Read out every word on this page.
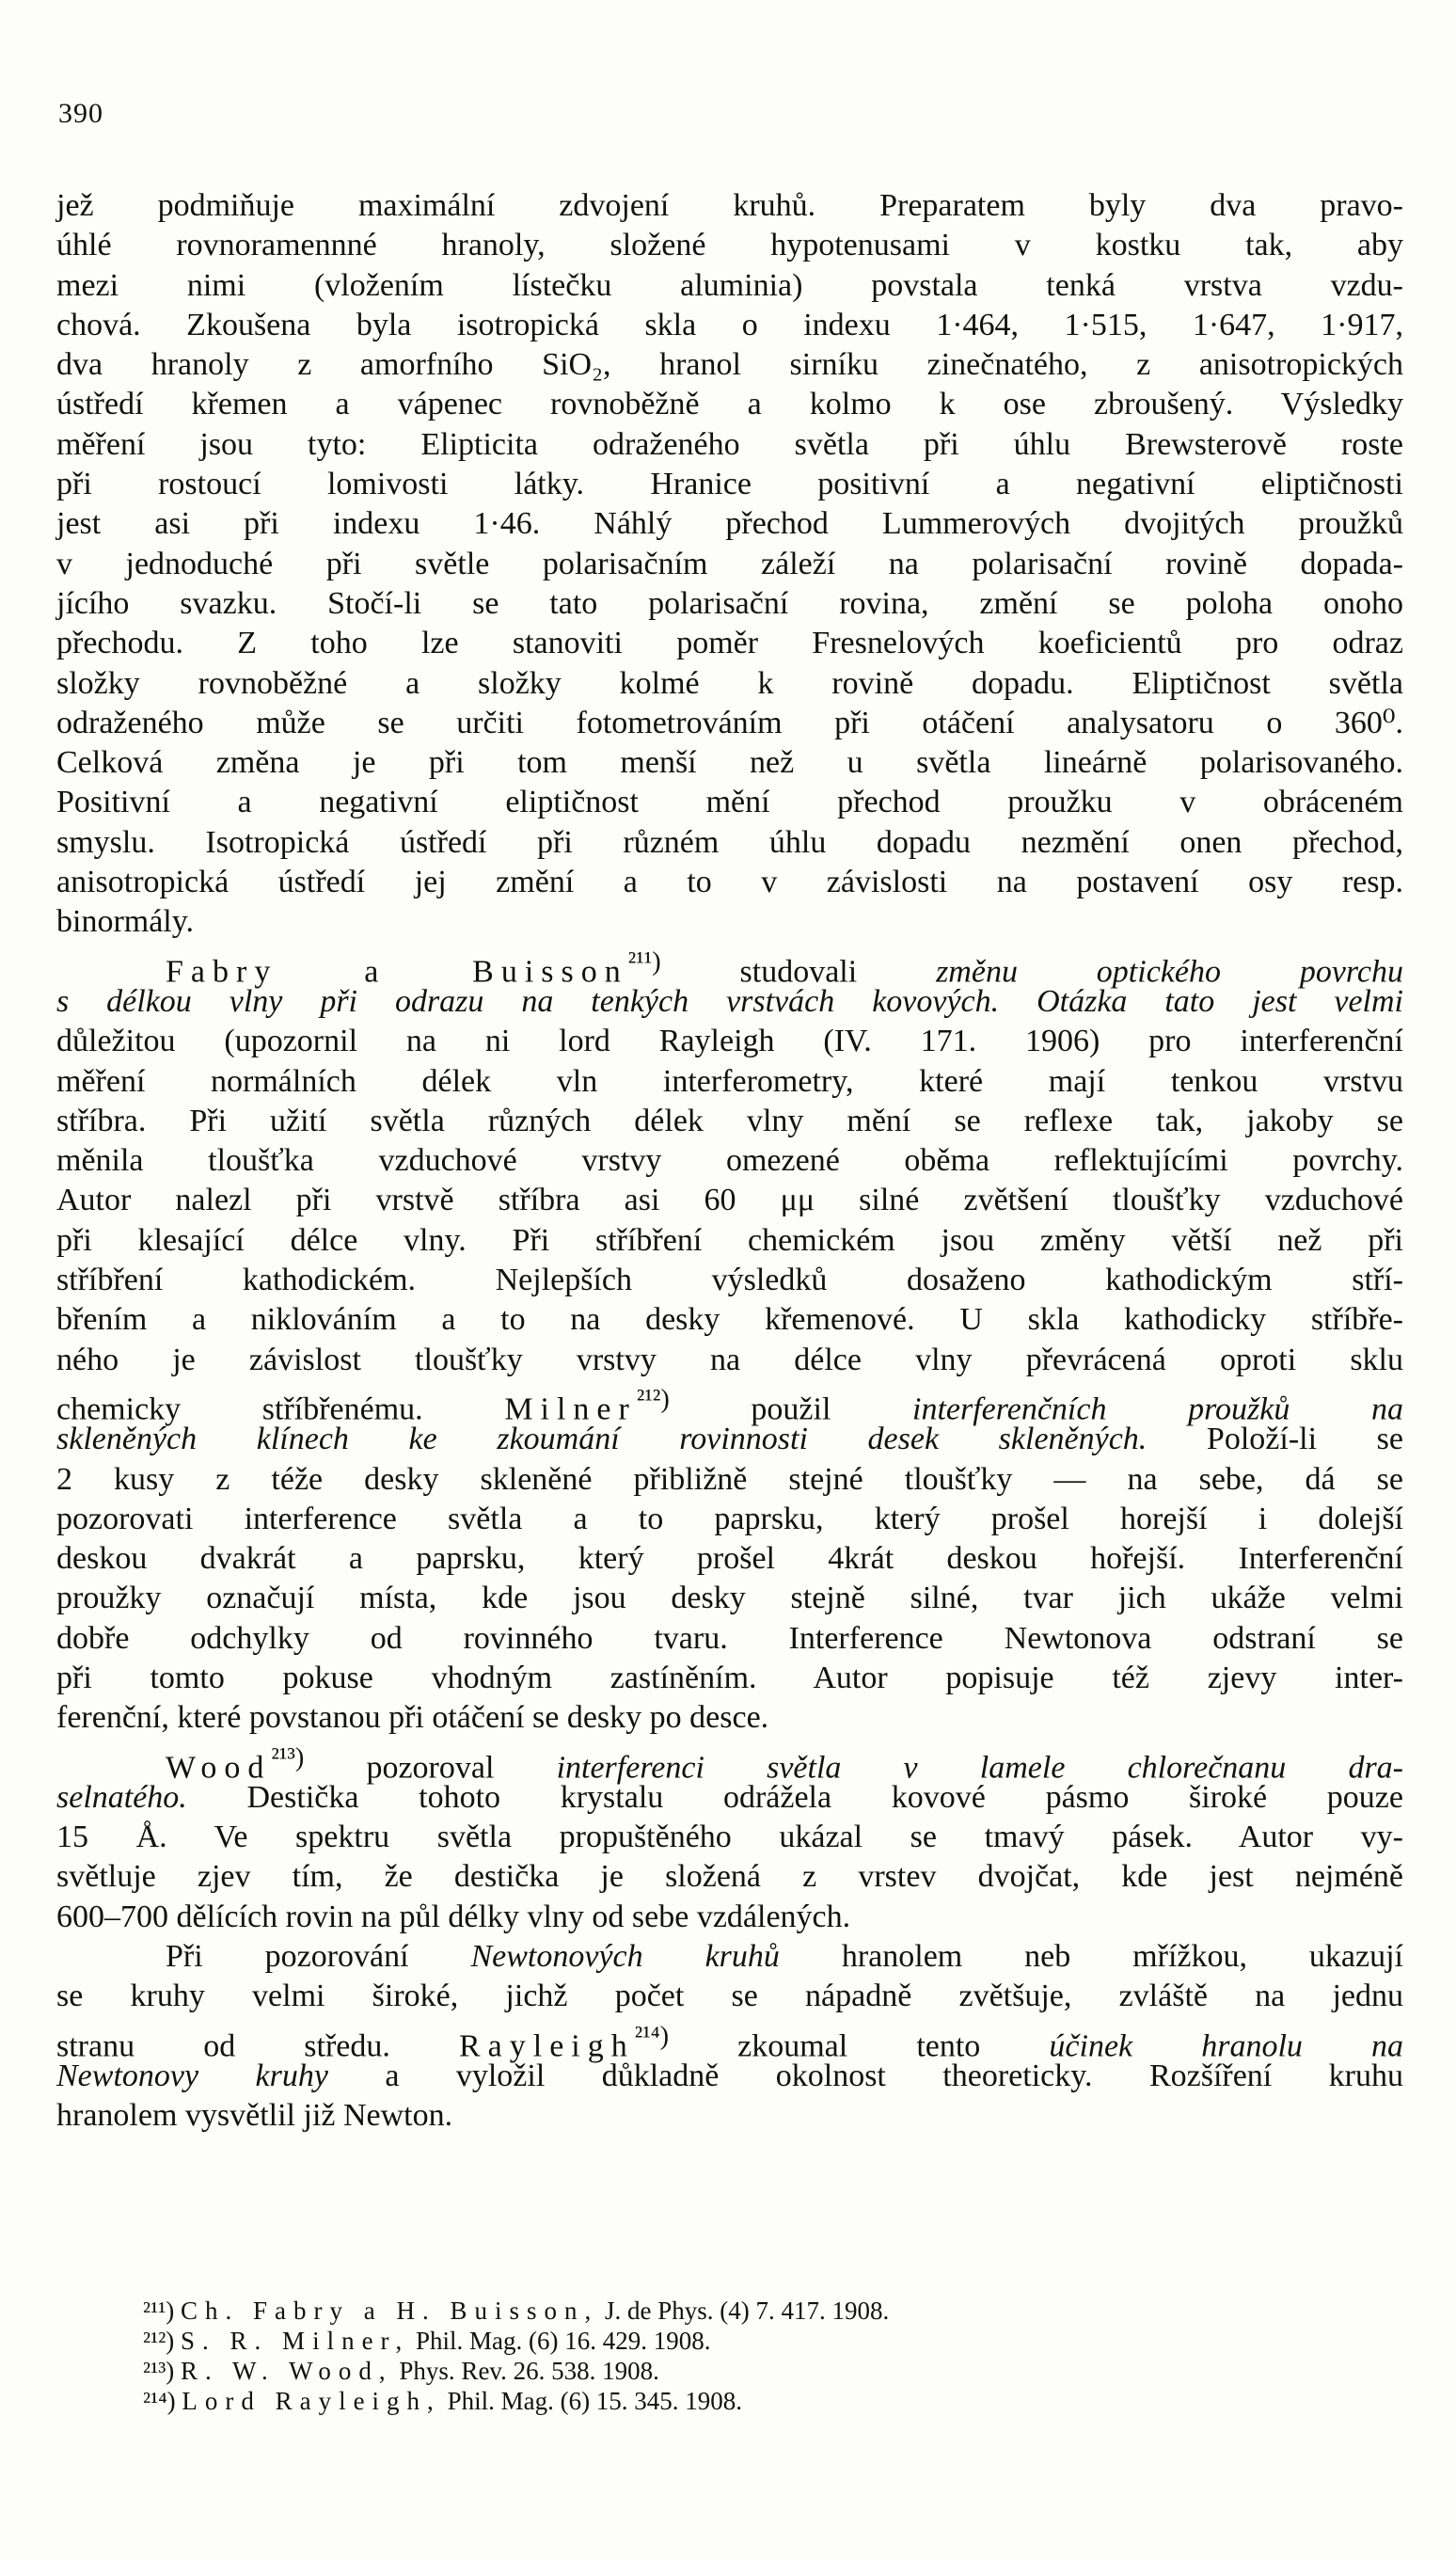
390
jež podmiňuje maximální zdvojení kruhů. Preparatem byly dva pravo-
úhlé rovnoramennné hranoly, složené hypotenusami v kostku tak, aby
mezi nimi (vložením lístečku aluminia) povstala tenká vrstva vzdu-
chová. Zkoušena byla isotropická skla o indexu 1·464, 1·515, 1·647, 1·917,
dva hranoly z amorfního SiO₂, hranol sirníku zinečnatého, z anisotropických
ústředí křemen a vápenec rovnoběžně a kolmo k ose zbroušený. Výsledky
měření jsou tyto: Elipticita odraženého světla při úhlu Brewsterově roste
při rostoucí lomivosti látky. Hranice positivní a negativní eliptičnosti
jest asi při indexu 1·46. Náhlý přechod Lummerových dvojitých proužků
v jednoduché při světle polarisačním záleží na polarisační rovině dopada-
jícího svazku. Stočí-li se tato polarisační rovina, změní se poloha onoho
přechodu. Z toho lze stanoviti poměr Fresnelových koeficientů pro odraz
složky rovnoběžné a složky kolmé k rovině dopadu. Eliptičnost světla
odraženého může se určiti fotometrováním při otáčení analysatoru o 360⁰.
Celková změna je při tom menší než u světla lineárně polarisovaného.
Positivní a negativní eliptičnost mění přechod proužku v obráceném
smyslu. Isotropická ústředí při různém úhlu dopadu nezmění onen přechod,
anisotropická ústředí jej změní a to v závislosti na postavení osy resp.
binormály.
Fabry a Buisson$^{^{211})}$ studovali změnu optického povrchu
s délkou vlny při odrazu na tenkých vrstvách kovových. Otázka tato jest velmi
důležitou (upozornil na ni lord Rayleigh (IV. 171. 1906) pro interferenční
měření normálních délek vln interferometry, které mají tenkou vrstvu
stříbra. Při užití světla různých délek vlny mění se reflexe tak, jakoby se
měnila tloušťka vzduchové vrstvy omezené oběma reflektujícími povrchy.
Autor nalezl při vrstvě stříbra asi 60 μμ silné zvětšení tloušťky vzduchové
při klesající délce vlny. Při stříbření chemickém jsou změny větší než při
stříbření kathodickém. Nejlepších výsledků dosaženo kathodickým stří-
břením a niklováním a to na desky křemenové. U skla kathodicky stříbře-
ného je závislost tloušťky vrstvy na délce vlny převrácená oproti sklu
chemicky stříbřenému. Milner$^{^{212})}$ použil interferenčních proužků na
skleněných klínech ke zkoumání rovinnosti desek skleněných. Položí-li se
2 kusy z téže desky skleněné přibližně stejné tloušťky — na sebe, dá se
pozorovati interference světla a to paprsku, který prošel horejší i dolejší
deskou dvakrát a paprsku, který prošel 4krát deskou hořejší. Interferenční
proužky označují místa, kde jsou desky stejně silné, tvar jich ukáže velmi
dobře odchylky od rovinného tvaru. Interference Newtonova odstraní se
při tomto pokuse vhodným zastíněním. Autor popisuje též zjevy inter-
ferenční, které povstanou při otáčení se desky po desce.
Wood$^{^{213})}$ pozoroval interferenci světla v lamele chlorečnanu dra-
selnatého. Destička tohoto krystalu odrážela kovové pásmo široké pouze
15 Å. Ve spektru světla propuštěného ukázal se tmavý pásek. Autor vy-
světluje zjev tím, že destička je složená z vrstev dvojčat, kde jest nejméně
600–700 dělících rovin na půl délky vlny od sebe vzdálených.
Při pozorování Newtonových kruhů hranolem neb mřížkou, ukazují
se kruhy velmi široké, jichž počet se nápadně zvětšuje, zvláště na jednu
stranu od středu. Rayleigh$^{^{214})}$ zkoumal tento účinek hranolu na
Newtonovy kruhy a vyložil důkladně okolnost theoreticky. Rozšíření kruhu
hranolem vysvětlil již Newton.
²¹¹) Ch. Fabry a H. Buisson, J. de Phys. (4) 7. 417. 1908.
²¹²) S. R. Milner, Phil. Mag. (6) 16. 429. 1908.
²¹³) R. W. Wood, Phys. Rev. 26. 538. 1908.
²¹⁴) Lord Rayleigh, Phil. Mag. (6) 15. 345. 1908.
